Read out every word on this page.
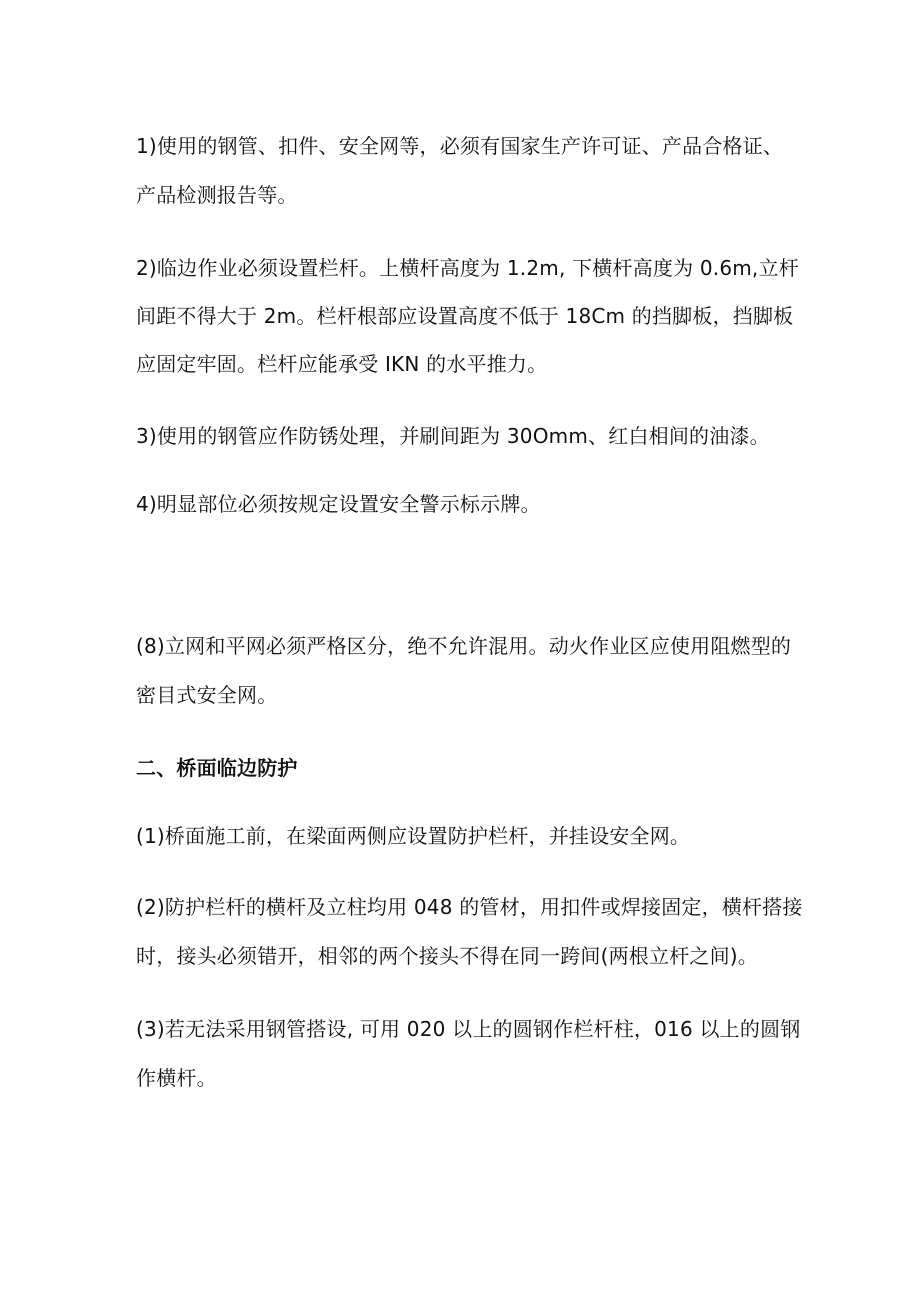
1)使用的钢管、扣件、安全网等，必须有国家生产许可证、产品合格证、
产品检测报告等。
2)临边作业必须设置栏杆。上横杆高度为 1.2m, 下横杆高度为 0.6m,立杆
间距不得大于 2m。栏杆根部应设置高度不低于 18Cm 的挡脚板，挡脚板
应固定牢固。栏杆应能承受 IKN 的水平推力。
3)使用的钢管应作防锈处理，并刷间距为 30Omm、红白相间的油漆。
4)明显部位必须按规定设置安全警示标示牌。
(8)立网和平网必须严格区分，绝不允许混用。动火作业区应使用阻燃型的
密目式安全网。
二、桥面临边防护
(1)桥面施工前，在梁面两侧应设置防护栏杆，并挂设安全网。
(2)防护栏杆的横杆及立柱均用 048 的管材，用扣件或焊接固定，横杆搭接
时，接头必须错开，相邻的两个接头不得在同一跨间(两根立杆之间)。
(3)若无法采用钢管搭设, 可用 020 以上的圆钢作栏杆柱，016 以上的圆钢
作横杆。
